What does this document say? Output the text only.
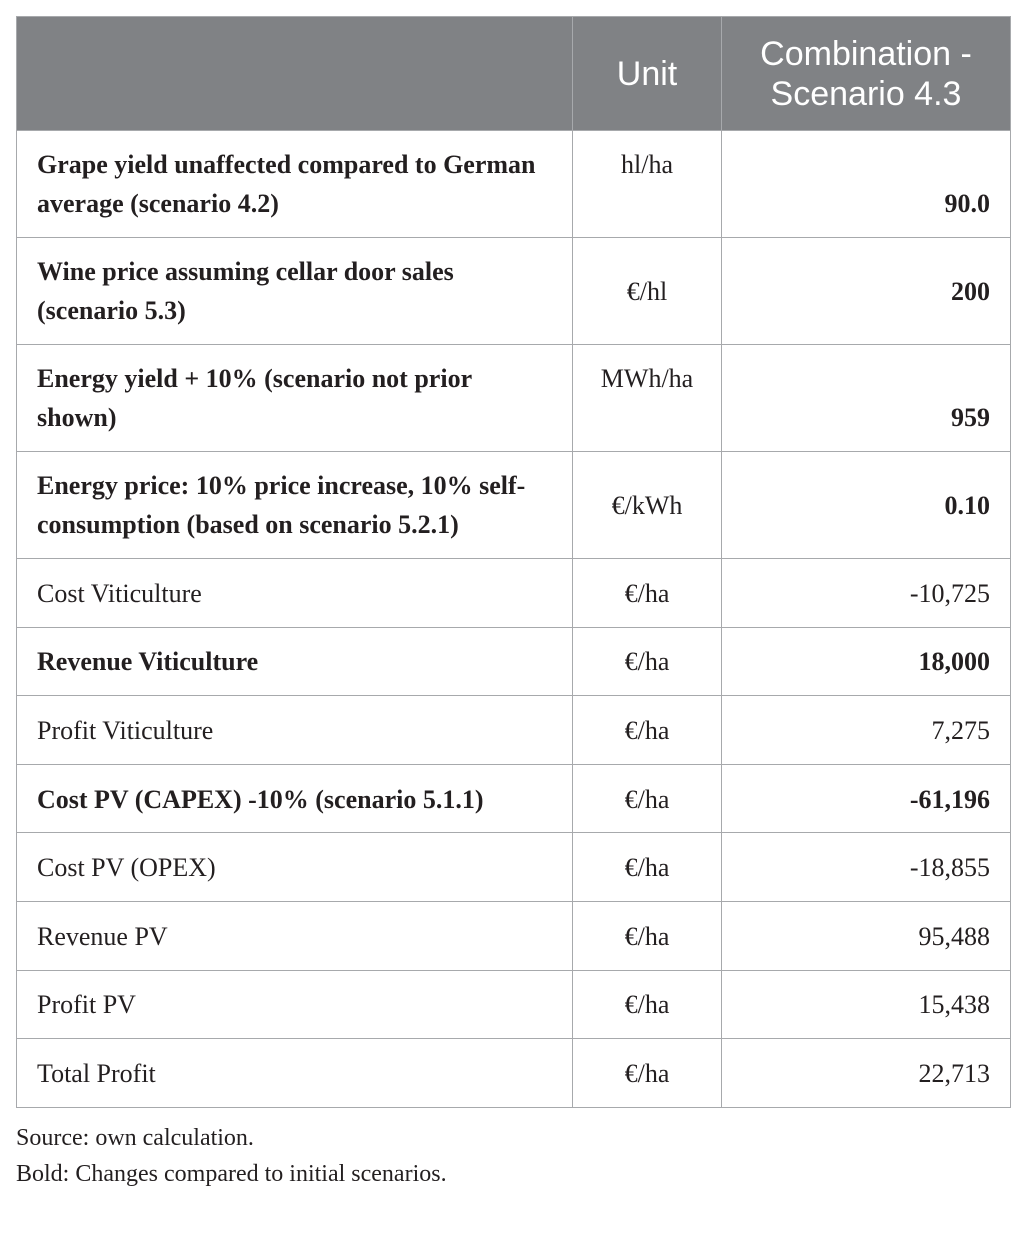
	Unit	Combination -
Scenario 4.3
Grape yield unaffected compared to German average (scenario 4.2)	hl/ha	90.0
Wine price assuming cellar door sales (scenario 5.3)	€/hl	200
Energy yield + 10% (scenario not prior shown)	MWh/ha	959
Energy price: 10% price increase, 10% self-consumption (based on scenario 5.2.1)	€/kWh	0.10
Cost Viticulture	€/ha	-10,725
Revenue Viticulture	€/ha	18,000
Profit Viticulture	€/ha	7,275
Cost PV (CAPEX) -10% (scenario 5.1.1)	€/ha	-61,196
Cost PV (OPEX)	€/ha	-18,855
Revenue PV	€/ha	95,488
Profit PV	€/ha	15,438
Total Profit	€/ha	22,713
Source: own calculation.
Bold: Changes compared to initial scenarios.
